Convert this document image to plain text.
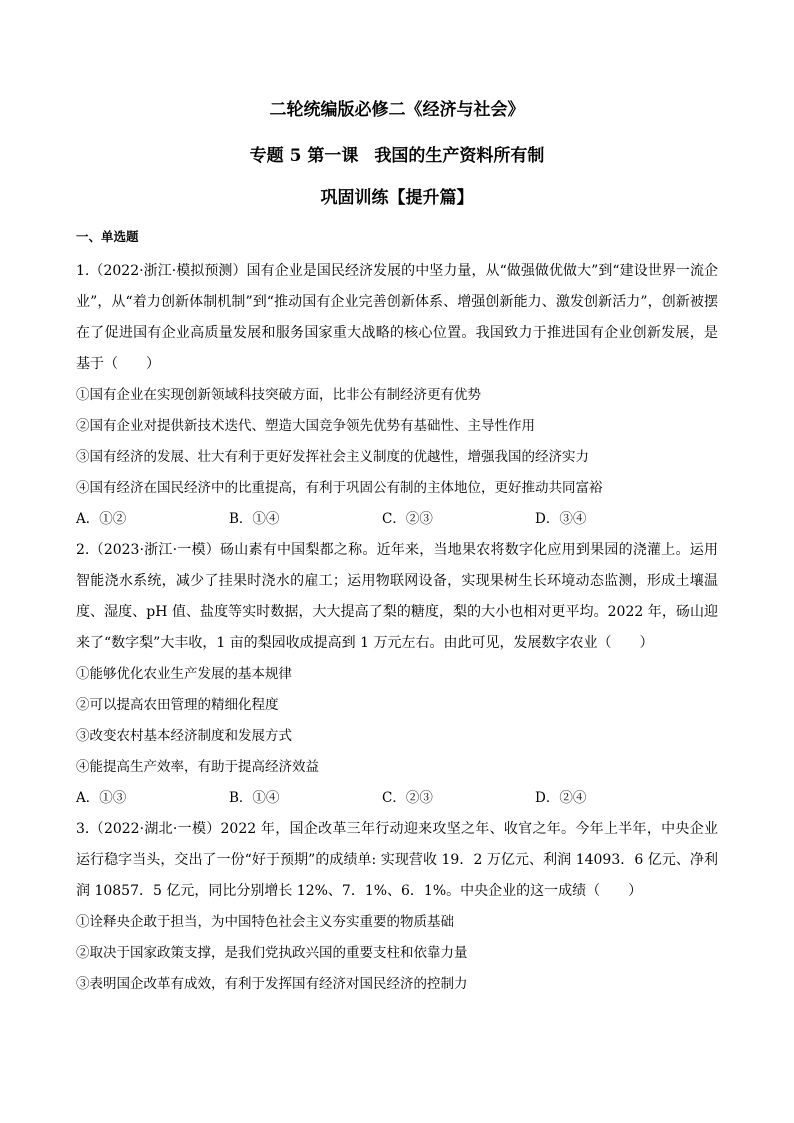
二轮统编版必修二《经济与社会》

专题 5 第一课 我国的生产资料所有制

巩固训练【提升篇】

一、单选题

1.（2022·浙江·模拟预测）国有企业是国民经济发展的中坚力量，从“做强做优做大”到“建设世界一流企业”，从“着力创新体制机制”到“推动国有企业完善创新体系、增强创新能力、激发创新活力”，创新被摆在了促进国有企业高质量发展和服务国家重大战略的核心位置。我国致力于推进国有企业创新发展，是基于（　　）

①国有企业在实现创新领域科技突破方面，比非公有制经济更有优势

②国有企业对提供新技术迭代、塑造大国竞争领先优势有基础性、主导性作用

③国有经济的发展、壮大有利于更好发挥社会主义制度的优越性，增强我国的经济实力

④国有经济在国民经济中的比重提高，有利于巩固公有制的主体地位，更好推动共同富裕

A．①②	B．①④	C．②③	D．③④

2.（2023·浙江·一模）砀山素有中国梨都之称。近年来，当地果农将数字化应用到果园的浇灌上。运用智能浇水系统，减少了挂果时浇水的雇工；运用物联网设备，实现果树生长环境动态监测，形成土壤温度、湿度、pH 值、盐度等实时数据，大大提高了梨的糖度，梨的大小也相对更平均。2022 年，砀山迎来了“数字梨”大丰收，1 亩的梨园收成提高到 1 万元左右。由此可见，发展数字农业（　　）

①能够优化农业生产发展的基本规律

②可以提高农田管理的精细化程度

③改变农村基本经济制度和发展方式

④能提高生产效率，有助于提高经济效益

A．①③	B．①④	C．②③	D．②④

3.（2022·湖北·一模）2022 年，国企改革三年行动迎来攻坚之年、收官之年。今年上半年，中央企业运行稳字当头，交出了一份“好于预期”的成绩单: 实现营收 19．2 万亿元、利润 14093．6 亿元、净利润 10857．5 亿元，同比分别增长 12%、7．1%、6．1%。中央企业的这一成绩（　　）

①诠释央企敢于担当，为中国特色社会主义夯实重要的物质基础

②取决于国家政策支撑，是我们党执政兴国的重要支柱和依靠力量

③表明国企改革有成效，有利于发挥国有经济对国民经济的控制力
